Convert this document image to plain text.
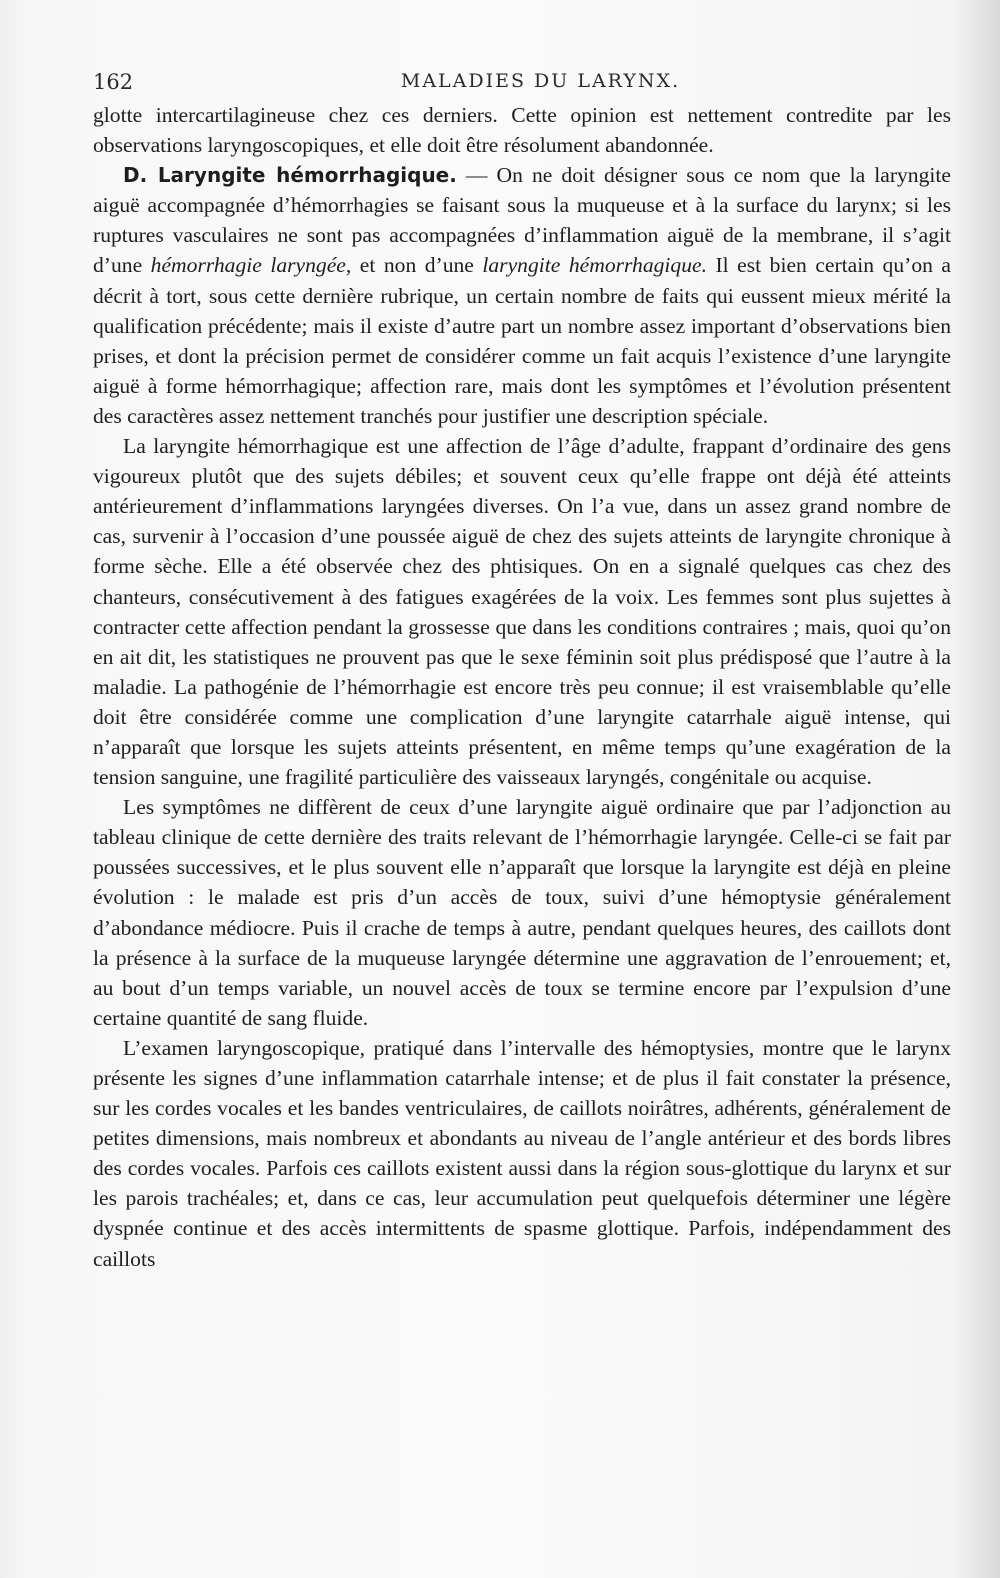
162	MALADIES DU LARYNX.

glotte intercartilagineuse chez ces derniers. Cette opinion est nettement contredite par les observations laryngoscopiques, et elle doit être résolument abandonnée.

D. Laryngite hémorrhagique. — On ne doit désigner sous ce nom que la laryngite aiguë accompagnée d’hémorrhagies se faisant sous la muqueuse et à la surface du larynx; si les ruptures vasculaires ne sont pas accompagnées d’inflammation aiguë de la membrane, il s’agit d’une hémorrhagie laryngée, et non d’une laryngite hémorrhagique. Il est bien certain qu’on a décrit à tort, sous cette dernière rubrique, un certain nombre de faits qui eussent mieux mérité la qualification précédente; mais il existe d’autre part un nombre assez important d’observations bien prises, et dont la précision permet de considérer comme un fait acquis l’existence d’une laryngite aiguë à forme hémorrhagique; affection rare, mais dont les symptômes et l’évolution présentent des caractères assez nettement tranchés pour justifier une description spéciale.

La laryngite hémorrhagique est une affection de l’âge d’adulte, frappant d’ordinaire des gens vigoureux plutôt que des sujets débiles; et souvent ceux qu’elle frappe ont déjà été atteints antérieurement d’inflammations laryngées diverses. On l’a vue, dans un assez grand nombre de cas, survenir à l’occasion d’une poussée aiguë de chez des sujets atteints de laryngite chronique à forme sèche. Elle a été observée chez des phtisiques. On en a signalé quelques cas chez des chanteurs, consécutivement à des fatigues exagérées de la voix. Les femmes sont plus sujettes à contracter cette affection pendant la grossesse que dans les conditions contraires ; mais, quoi qu’on en ait dit, les statistiques ne prouvent pas que le sexe féminin soit plus prédisposé que l’autre à la maladie. La pathogénie de l’hémorrhagie est encore très peu connue; il est vraisemblable qu’elle doit être considérée comme une complication d’une laryngite catarrhale aiguë intense, qui n’apparaît que lorsque les sujets atteints présentent, en même temps qu’une exagération de la tension sanguine, une fragilité particulière des vaisseaux laryngés, congénitale ou acquise.

Les symptômes ne diffèrent de ceux d’une laryngite aiguë ordinaire que par l’adjonction au tableau clinique de cette dernière des traits relevant de l’hémorrhagie laryngée. Celle-ci se fait par poussées successives, et le plus souvent elle n’apparaît que lorsque la laryngite est déjà en pleine évolution : le malade est pris d’un accès de toux, suivi d’une hémoptysie généralement d’abondance médiocre. Puis il crache de temps à autre, pendant quelques heures, des caillots dont la présence à la surface de la muqueuse laryngée détermine une aggravation de l’enrouement; et, au bout d’un temps variable, un nouvel accès de toux se termine encore par l’expulsion d’une certaine quantité de sang fluide.

L’examen laryngoscopique, pratiqué dans l’intervalle des hémoptysies, montre que le larynx présente les signes d’une inflammation catarrhale intense; et de plus il fait constater la présence, sur les cordes vocales et les bandes ventriculaires, de caillots noirâtres, adhérents, généralement de petites dimensions, mais nombreux et abondants au niveau de l’angle antérieur et des bords libres des cordes vocales. Parfois ces caillots existent aussi dans la région sous-glottique du larynx et sur les parois trachéales; et, dans ce cas, leur accumulation peut quelquefois déterminer une légère dyspnée continue et des accès intermittents de spasme glottique. Parfois, indépendamment des caillots
